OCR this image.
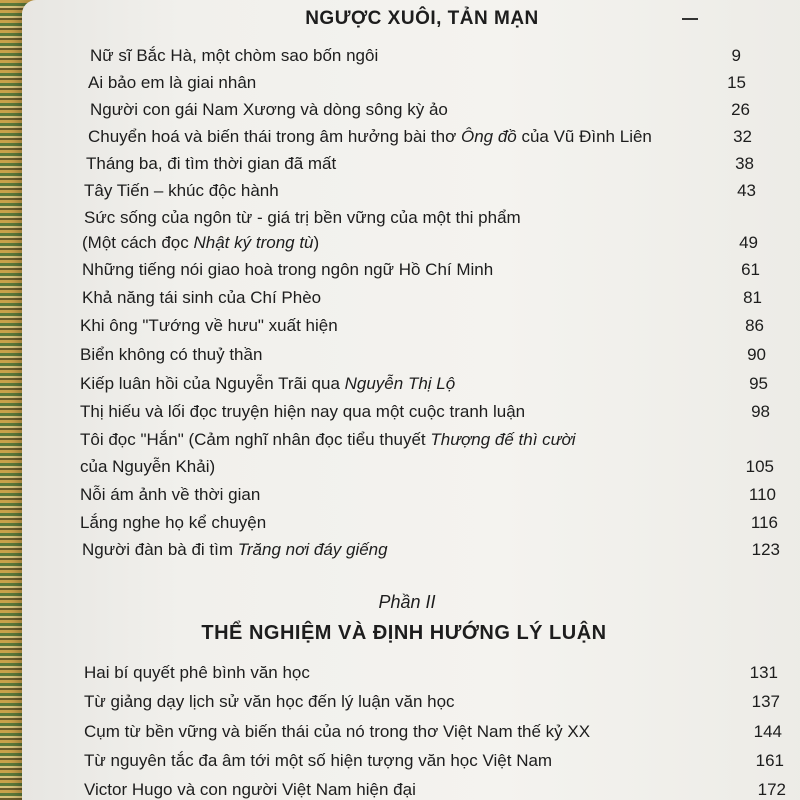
NGƯỢC XUÔI, TẢN MẠN
Nữ sĩ Bắc Hà, một chòm sao bốn ngôi	9
Ai bảo em là giai nhân	15
Người con gái Nam Xương và dòng sông kỳ ảo	26
Chuyển hoá và biến thái trong âm hưởng bài thơ Ông đồ của Vũ Đình Liên	32
Tháng ba, đi tìm thời gian đã mất	38
Tây Tiến – khúc độc hành	43
Sức sống của ngôn từ - giá trị bền vững của một thi phẩm
(Một cách đọc Nhật ký trong tù)	49
Những tiếng nói giao hoà trong ngôn ngữ Hồ Chí Minh	61
Khả năng tái sinh của Chí Phèo	81
Khi ông "Tướng về hưu" xuất hiện	86
Biển không có thuỷ thần	90
Kiếp luân hồi của Nguyễn Trãi qua Nguyễn Thị Lộ	95
Thị hiếu và lối đọc truyện hiện nay qua một cuộc tranh luận	98
Tôi đọc "Hắn" (Cảm nghĩ nhân đọc tiểu thuyết Thượng đế thì cười
của Nguyễn Khải)	105
Nỗi ám ảnh về thời gian	110
Lắng nghe họ kể chuyện	116
Người đàn bà đi tìm Trăng nơi đáy giếng	123
Phần II
THỂ NGHIỆM VÀ ĐỊNH HƯỚNG LÝ LUẬN
Hai bí quyết phê bình văn học	131
Từ giảng dạy lịch sử văn học đến lý luận văn học	137
Cụm từ bền vững và biến thái của nó trong thơ Việt Nam thế kỷ XX	144
Từ nguyên tắc đa âm tới một số hiện tượng văn học Việt Nam	161
Victor Hugo và con người Việt Nam hiện đại	172
